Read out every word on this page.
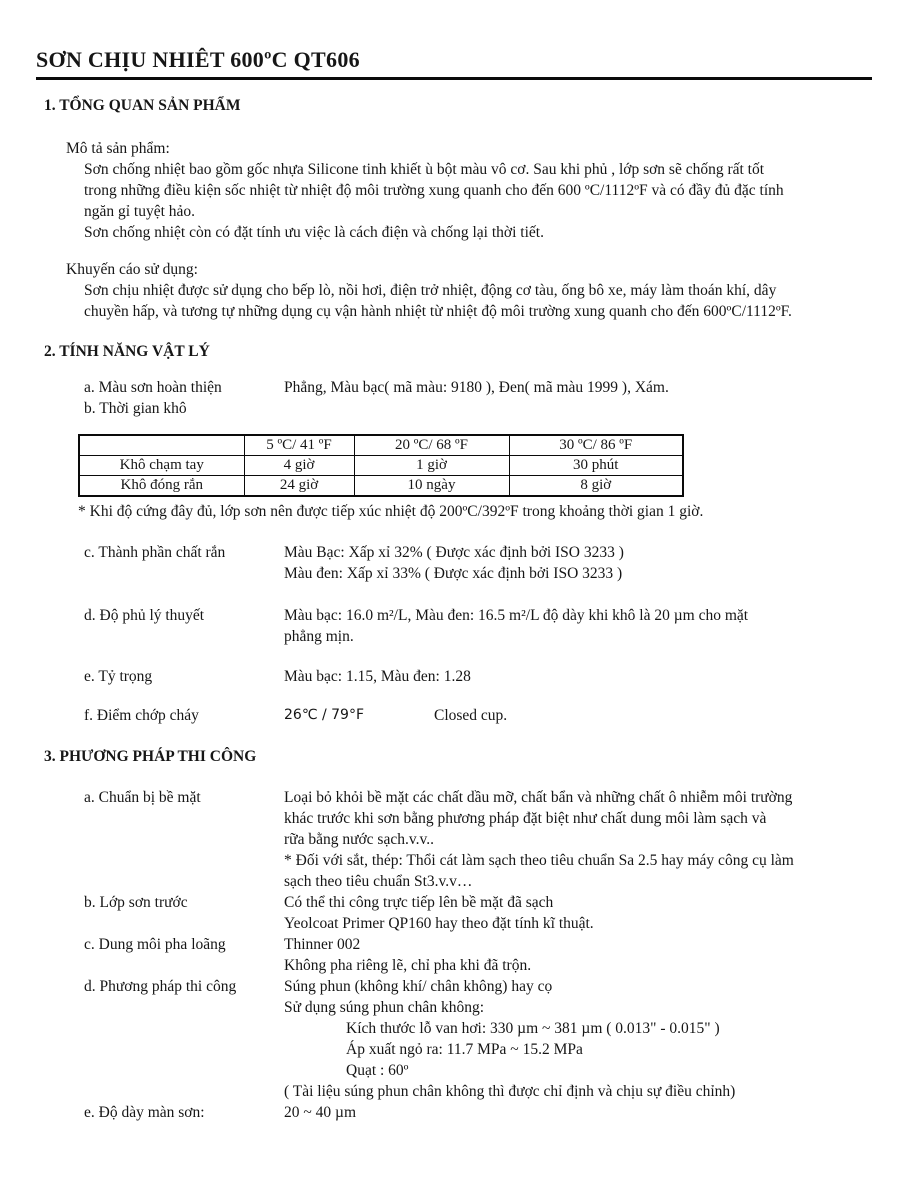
SƠN CHỊU NHIÊT 600ºC QT606
1. TỔNG QUAN SẢN PHẨM

Mô tả sản phẩm:

Sơn chống nhiệt bao gồm gốc nhựa Silicone tinh khiết ù bột màu vô cơ. Sau khi phủ , lớp sơn sẽ chống rất tốt
trong những điều kiện sốc nhiệt từ nhiệt độ môi trường xung quanh cho đến 600 ºC/1112ºF và có đầy đủ đặc tính
ngăn gỉ tuyệt hảo.
Sơn chống nhiệt còn có đặt tính ưu việc là cách điện và chống lại thời tiết.

Khuyến cáo sử dụng:

Sơn chịu nhiệt được sử dụng cho bếp lò, nồi hơi, điện trở nhiệt, động cơ tàu, ống bô xe, máy làm thoán khí, dây
chuyền hấp, và tương tự những dụng cụ vận hành nhiệt từ nhiệt độ môi trường xung quanh cho đến 600ºC/1112ºF.
2. TÍNH NĂNG VẬT LÝ
a. Màu sơn hoàn thiện	Phẳng, Màu bạc( mã màu: 9180 ), Đen( mã màu 1999 ), Xám.
b. Thời gian khô
	5 ºC/ 41 ºF	20 ºC/ 68 ºF	30 ºC/ 86 ºF
Khô chạm tay	4 giờ	1 giờ	30 phút
Khô đóng rắn	24 giờ	10 ngày	8 giờ

* Khi độ cứng đây đủ, lớp sơn nên được tiếp xúc nhiệt độ 200ºC/392ºF trong khoảng thời gian 1 giờ.

c. Thành phần chất rắn	Màu Bạc: Xấp xỉ 32% ( Được xác định bởi ISO 3233 )
Màu đen: Xấp xỉ 33% ( Được xác định bởi ISO 3233 )
d. Độ phủ lý thuyết	Màu bạc: 16.0 m²/L, Màu đen: 16.5 m²/L độ dày khi khô là 20 µm cho mặt
phẳng mịn.
e. Tỷ trọng	Màu bạc: 1.15, Màu đen: 1.28
f. Điểm chớp cháy	26℃ / 79°F	Closed cup.
3. PHƯƠNG PHÁP THI CÔNG
a. Chuẩn bị bề mặt	Loại bỏ khỏi bề mặt các chất dầu mỡ, chất bẩn và những chất ô nhiễm môi trường
khác trước khi sơn bằng phương pháp đặt biệt như chất dung môi làm sạch và
rữa bằng nước sạch.v.v..
* Đối với sắt, thép: Thổi cát làm sạch theo tiêu chuẩn Sa 2.5 hay máy công cụ làm
sạch theo tiêu chuẩn St3.v.v…
b. Lớp sơn trước	Có thể thi công trực tiếp lên bề mặt đã sạch
Yeolcoat Primer QP160 hay theo đặt tính kĩ thuật.
c. Dung môi pha loãng	Thinner 002
Không pha riêng lẽ, chỉ pha khi đã trộn.
d. Phương pháp thi công	Súng phun (không khí/ chân không) hay cọ
Sử dụng súng phun chân không:
Kích thước lỗ van hơi: 330 µm ~ 381 µm ( 0.013" - 0.015" )
Áp xuất ngỏ ra: 11.7 MPa ~ 15.2 MPa
Quạt : 60º
( Tài liệu súng phun chân không thì được chỉ định và chịu sự điều chỉnh)
e. Độ dày màn sơn:	20 ~ 40 µm
